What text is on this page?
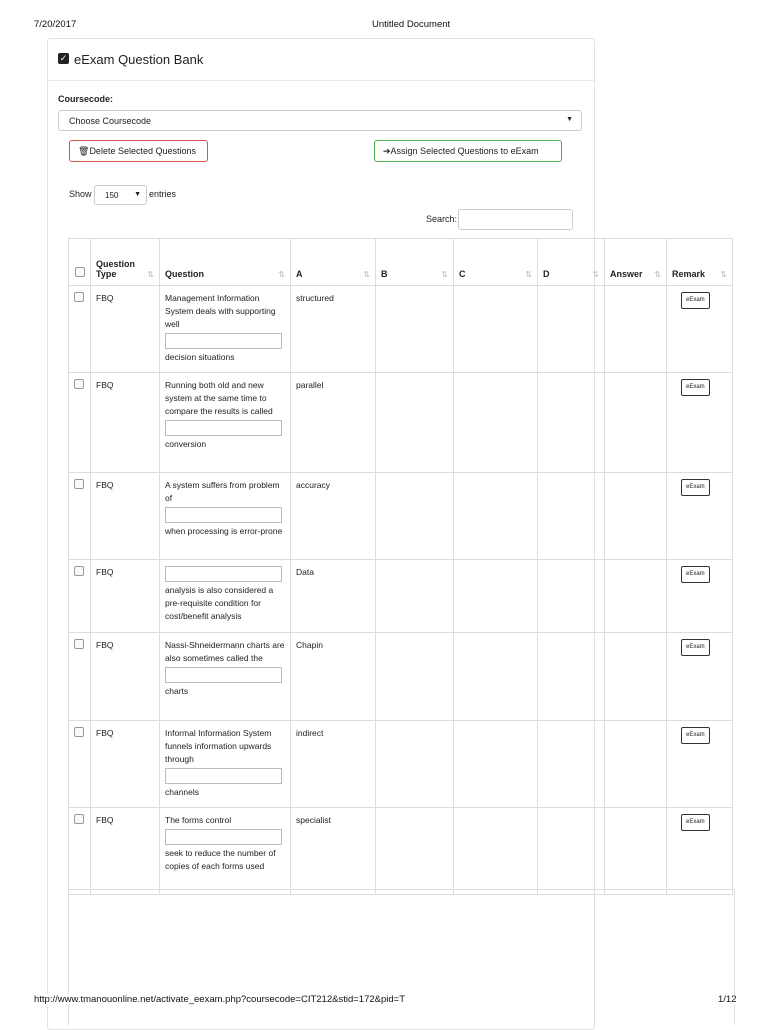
7/20/2017	Untitled Document
✓ eExam Question Bank
Coursecode:
Choose Coursecode	▼
🗑Delete Selected Questions	➔Assign Selected Questions to eExam
Show	150 ▼ entries
Search:

	Question Type ⇅	Question ⇅	A ⇅	B ⇅	C ⇅	D ⇅	Answer ⇅	Remark ⇅

	FBQ	Management Information System deals with supporting well
decision situations	structured					eExam
	FBQ	Running both old and new system at the same time to compare the results is called
conversion	parallel					eExam
	FBQ	A system suffers from problem of
when processing is error-prone	accuracy					eExam
	FBQ	analysis is also considered a pre-requisite condition for cost/benefit analysis	Data					eExam
	FBQ	Nassi-Shneidermann charts are also sometimes called the
charts	Chapin					eExam
	FBQ	Informal Information System funnels information upwards through
channels	indirect					eExam
	FBQ	The forms control
seek to reduce the number of copies of each forms used	specialist					eExam
http://www.tmanouonline.net/activate_eexam.php?coursecode=CIT212&stid=172&pid=T	1/12
